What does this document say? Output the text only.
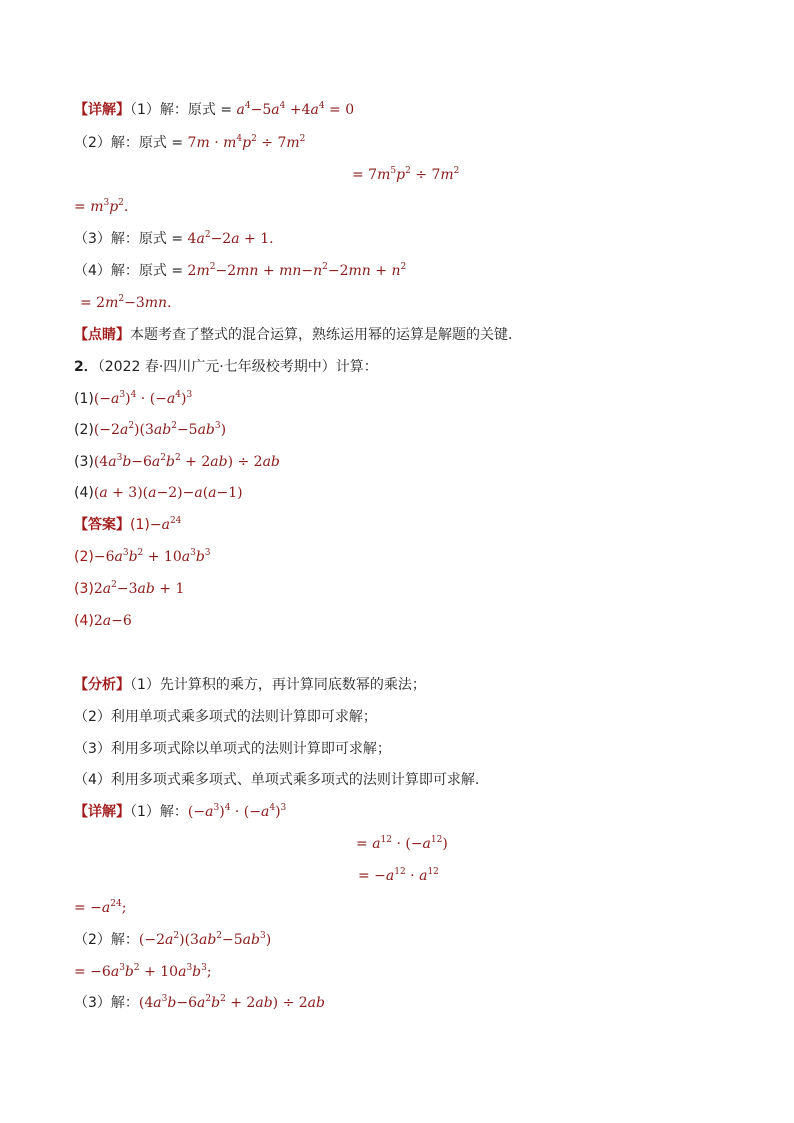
【详解】（1）解：原式 = $a^4-5a^4 +4a^4 = 0$
（2）解：原式 = $7m \cdot m^4p^2 \div 7m^2$
= $7m^5p^2 \div 7m^2$
= $m^3p^2$.
（3）解：原式 = $4a^2-2a + 1$.
（4）解：原式 = $2m^2-2mn + mn-n^2-2mn + n^2$
= $2m^2-3mn$.
【点睛】本题考查了整式的混合运算，熟练运用幂的运算是解题的关键．
2．（2022 春·四川广元·七年级校考期中）计算：
$(1)(-a^3)^4 \cdot (-a^4)^3$
$(2)(-2a^2)(3ab^2-5ab^3)$
$(3)(4a^3b-6a^2b^2 + 2ab) \div 2ab$
(4)(a + 3)(a−2)−a(a−1)
【答案】$(1)-a^{24}$
$(2)-6a^3b^2 + 10a^3b^3$
$(3)2a^2-3ab + 1$
(4)2a−6
【分析】（1）先计算积的乘方，再计算同底数幂的乘法；
（2）利用单项式乘多项式的法则计算即可求解；
（3）利用多项式除以单项式的法则计算即可求解；
（4）利用多项式乘多项式、单项式乘多项式的法则计算即可求解.
【详解】（1）解：$(-a^3)^4 \cdot (-a^4)^3$
= $a^{12} \cdot (-a^{12})$
= $-a^{12} \cdot a^{12}$
= $-a^{24}$;
（2）解：$(-2a^2)(3ab^2-5ab^3)$
= $-6a^3b^2 + 10a^3b^3$;
（3）解：$(4a^3b-6a^2b^2 + 2ab) \div 2ab$
